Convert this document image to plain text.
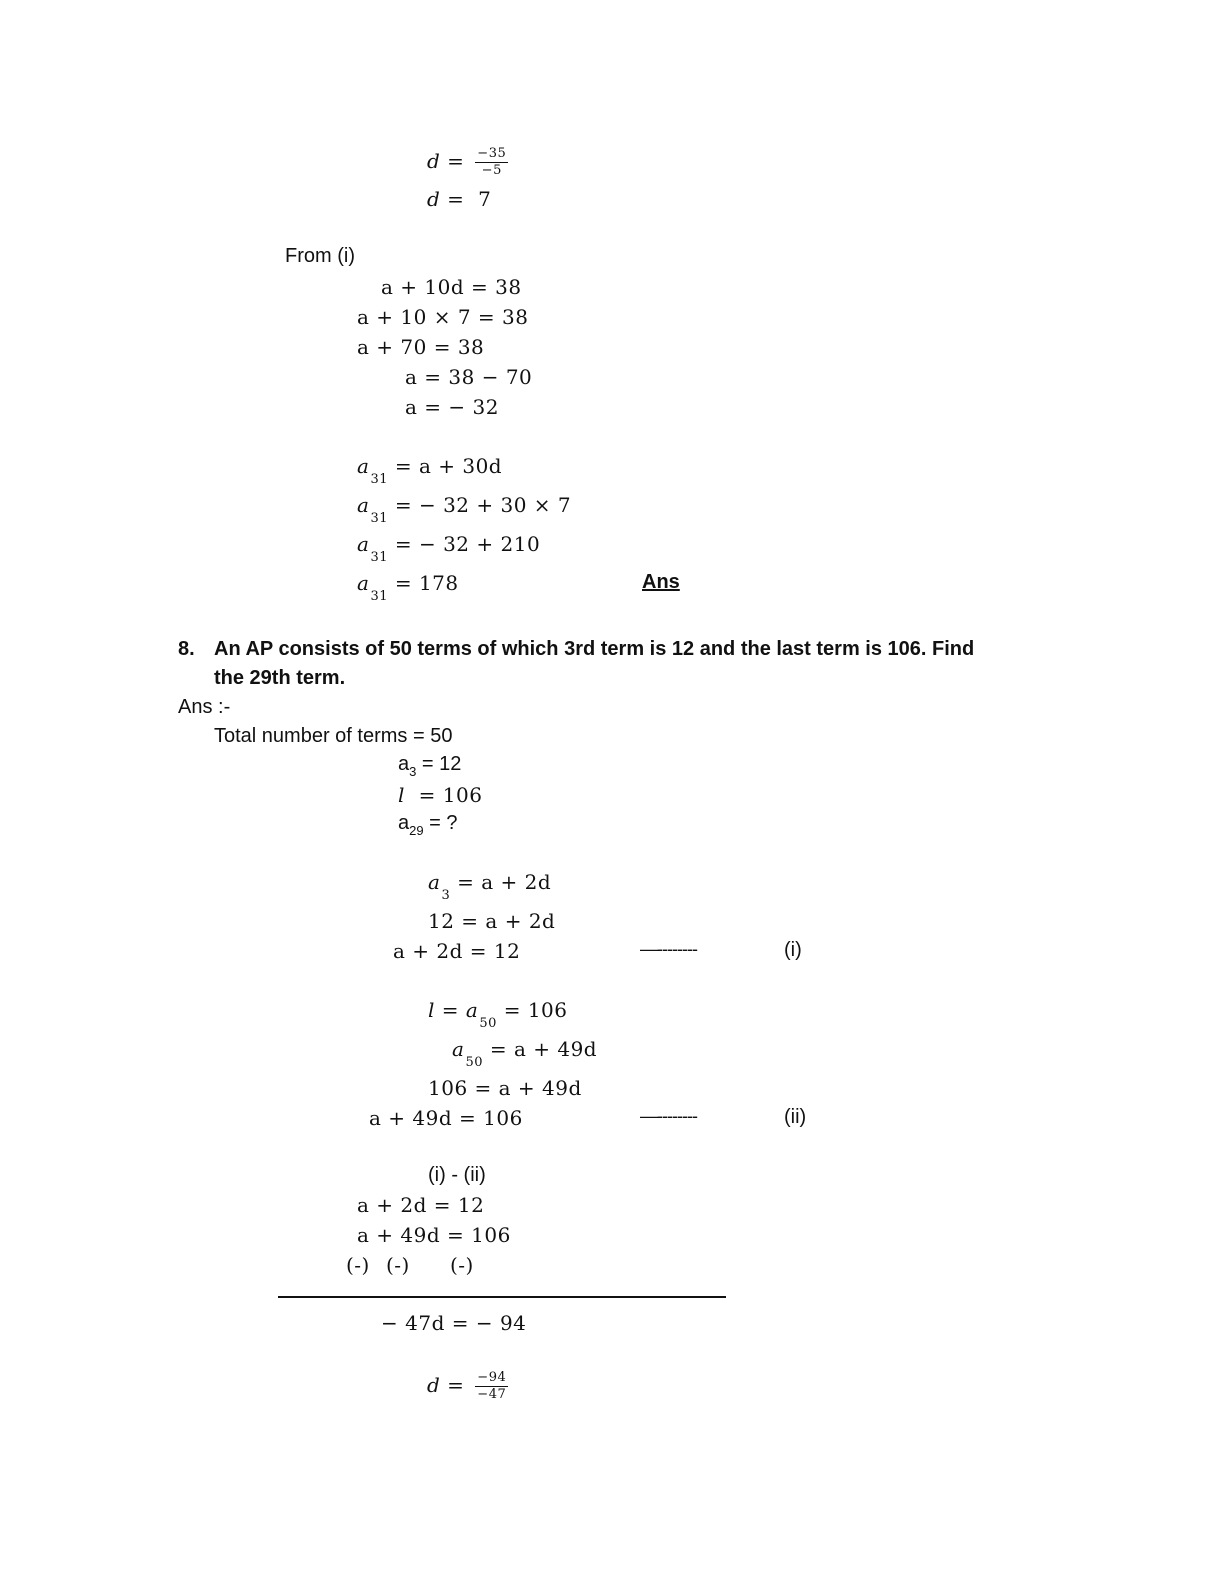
$d = \frac{-35}{-5}$
d =  7
From (i)
a + 10d = 38
a + 10 × 7 = 38
a + 70 = 38
a = 38 − 70
a = − 32
$a_{31} = a + 30d$
$a_{31}$ = − 32 + 30 × 7
$a_{31}$ = − 32 + 210
$a_{31} = 178$	Ans
8. An AP consists of 50 terms of which 3rd term is 12 and the last term is 106. Find
the 29th term.
Ans :-
Total number of terms = 50
$a_3 = 12$
l = 106
$a_{29}$ = ?
$a_3 = a + 2d$
12 = a + 2d
a + 2d = 12	—--------	(i)
$l = a_{50} = 106$
$a_{50} = a + 49d$
106 = a + 49d
a + 49d = 106	—--------	(ii)
(i) - (ii)
a + 2d = 12
a + 49d = 106
(-) (-) (-)
− 47d = − 94
$d = \frac{-94}{-47}$
